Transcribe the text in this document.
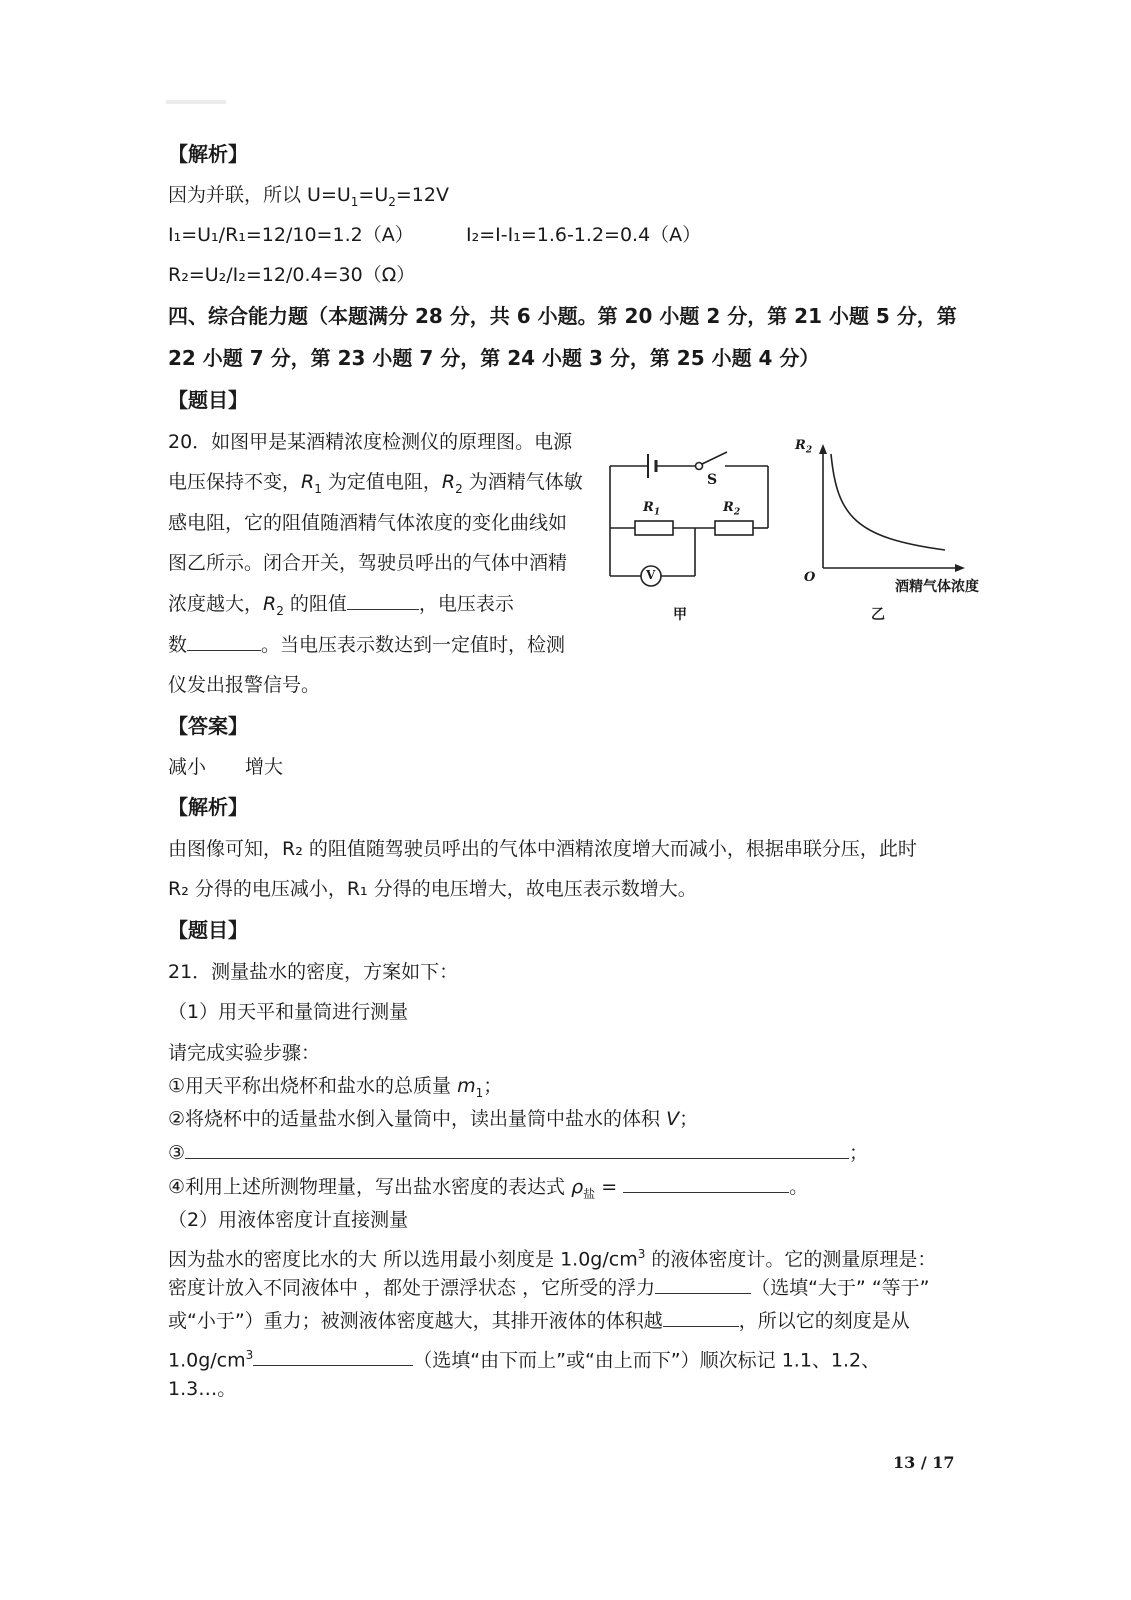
【解析】
因为并联，所以 $U=U_1=U_2=12V$
I₁=U₁/R₁=12/10=1.2（A）	I₂=I-I₁=1.6-1.2=0.4（A）
R₂=U₂/I₂=12/0.4=30（Ω）
四、综合能力题（本题满分 28 分，共 6 小题。第 20 小题 2 分，第 21 小题 5 分，第
22 小题 7 分，第 23 小题 7 分，第 24 小题 3 分，第 25 小题 4 分）
【题目】
20．如图甲是某酒精浓度检测仪的原理图。电源
电压保持不变，$R_1$ 为定值电阻，$R_2$ 为酒精气体敏
感电阻，它的阻值随酒精气体浓度的变化曲线如
图乙所示。闭合开关，驾驶员呼出的气体中酒精
浓度越大，$R_2$ 的阻值	，电压表示
数	。当电压表示数达到一定值时，检测
仪发出报警信号。
【答案】
减小 增大
【解析】
由图像可知，R₂ 的阻值随驾驶员呼出的气体中酒精浓度增大而减小，根据串联分压，此时
R₂ 分得的电压减小，R₁ 分得的电压增大，故电压表示数增大。
【题目】
21．测量盐水的密度，方案如下：
（1）用天平和量筒进行测量
请完成实验步骤：
①用天平称出烧杯和盐水的总质量 $m_1$；
②将烧杯中的适量盐水倒入量筒中，读出量筒中盐水的体积 V；
③	；
④利用上述所测物理量，写出盐水密度的表达式 $\rho_盐$ =	。
（2）用液体密度计直接测量
因为盐水的密度比水的大 所以选用最小刻度是 $1.0g/cm^3$ 的液体密度计。它的测量原理是：
密度计放入不同液体中 ，都处于漂浮状态 ，它所受的浮力	（选填“大于” “等于”
或“小于”）重力；被测液体密度越大，其排开液体的体积越	，所以它的刻度是从
$1.0g/cm^3$	（选填“由下而上”或“由上而下”）顺次标记 1.1、1.2、
1.3…。
S
$R_1$	$R_2$
V
甲
$R_2$
O
酒精气体浓度
乙
13 / 17
